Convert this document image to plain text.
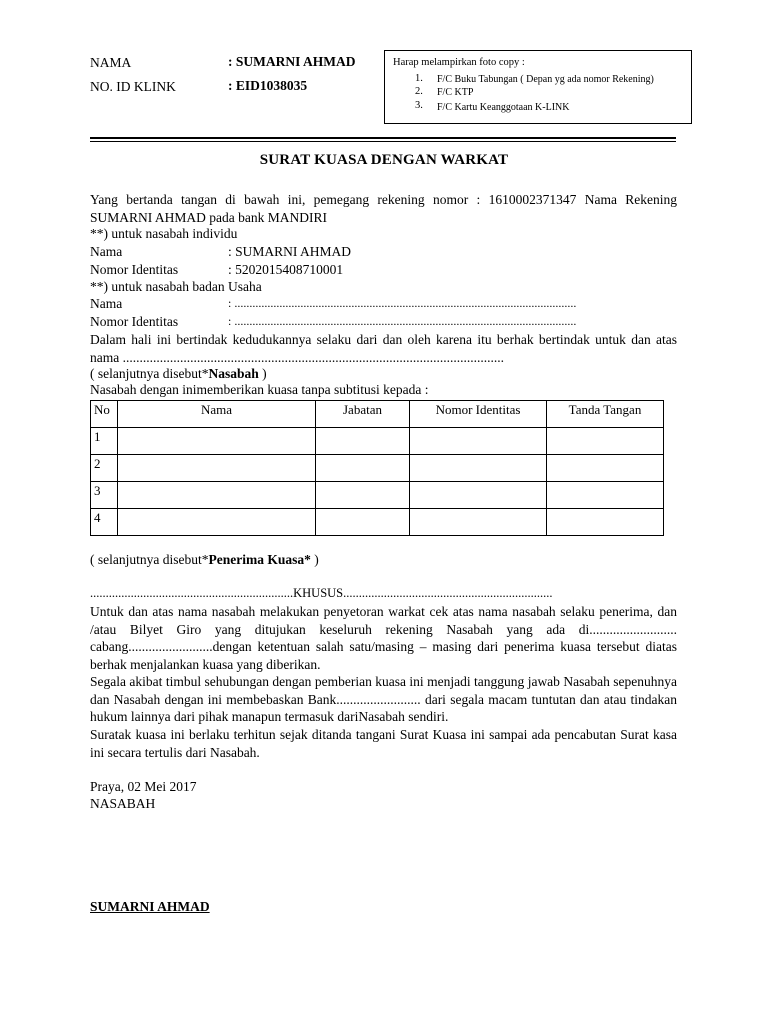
NAMA	: SUMARNI AHMAD
NO. ID KLINK	: EID1038035
Harap melampirkan foto copy :
1. F/C Buku Tabungan ( Depan yg ada nomor Rekening)
2. F/C KTP
3. F/C Kartu Keanggotaan K-LINK
SURAT KUASA DENGAN WARKAT
Yang bertanda tangan di bawah ini, pemegang rekening nomor : 1610002371347 Nama Rekening SUMARNI AHMAD pada bank MANDIRI
**) untuk nasabah individu
Nama	: SUMARNI AHMAD
Nomor Identitas	: 5202015408710001
**) untuk nasabah badan Usaha
Nama	: ..................................................................................................................
Nomor Identitas	: ..................................................................................................................
Dalam hali ini bertindak kedudukannya selaku dari dan oleh karena itu berhak bertindak untuk dan atas nama .................................................................................................................
( selanjutnya disebut*Nasabah )
Nasabah dengan inimemberikan kuasa tanpa subtitusi kepada :
No	Nama	Jabatan	Nomor Identitas	Tanda Tangan
1				
2				
3				
4				
( selanjutnya disebut*Penerima Kuasa* )
.................................................................KHUSUS...................................................................
Untuk dan atas nama nasabah melakukan penyetoran warkat cek atas nama nasabah selaku penerima, dan /atau Bilyet Giro yang ditujukan keseluruh rekening Nasabah yang ada di.......................... cabang.........................dengan ketentuan salah satu/masing – masing dari penerima kuasa tersebut diatas berhak menjalankan kuasa yang diberikan.
Segala akibat timbul sehubungan dengan pemberian kuasa ini menjadi tanggung jawab Nasabah sepenuhnya dan Nasabah dengan ini membebaskan Bank......................... dari segala macam tuntutan dan atau tindakan hukum lainnya dari pihak manapun termasuk dariNasabah sendiri.
Suratak kuasa ini berlaku terhitun sejak ditanda tangani Surat Kuasa ini sampai ada pencabutan Surat kasa ini secara tertulis dari Nasabah.
Praya, 02 Mei 2017
NASABAH
SUMARNI AHMAD
